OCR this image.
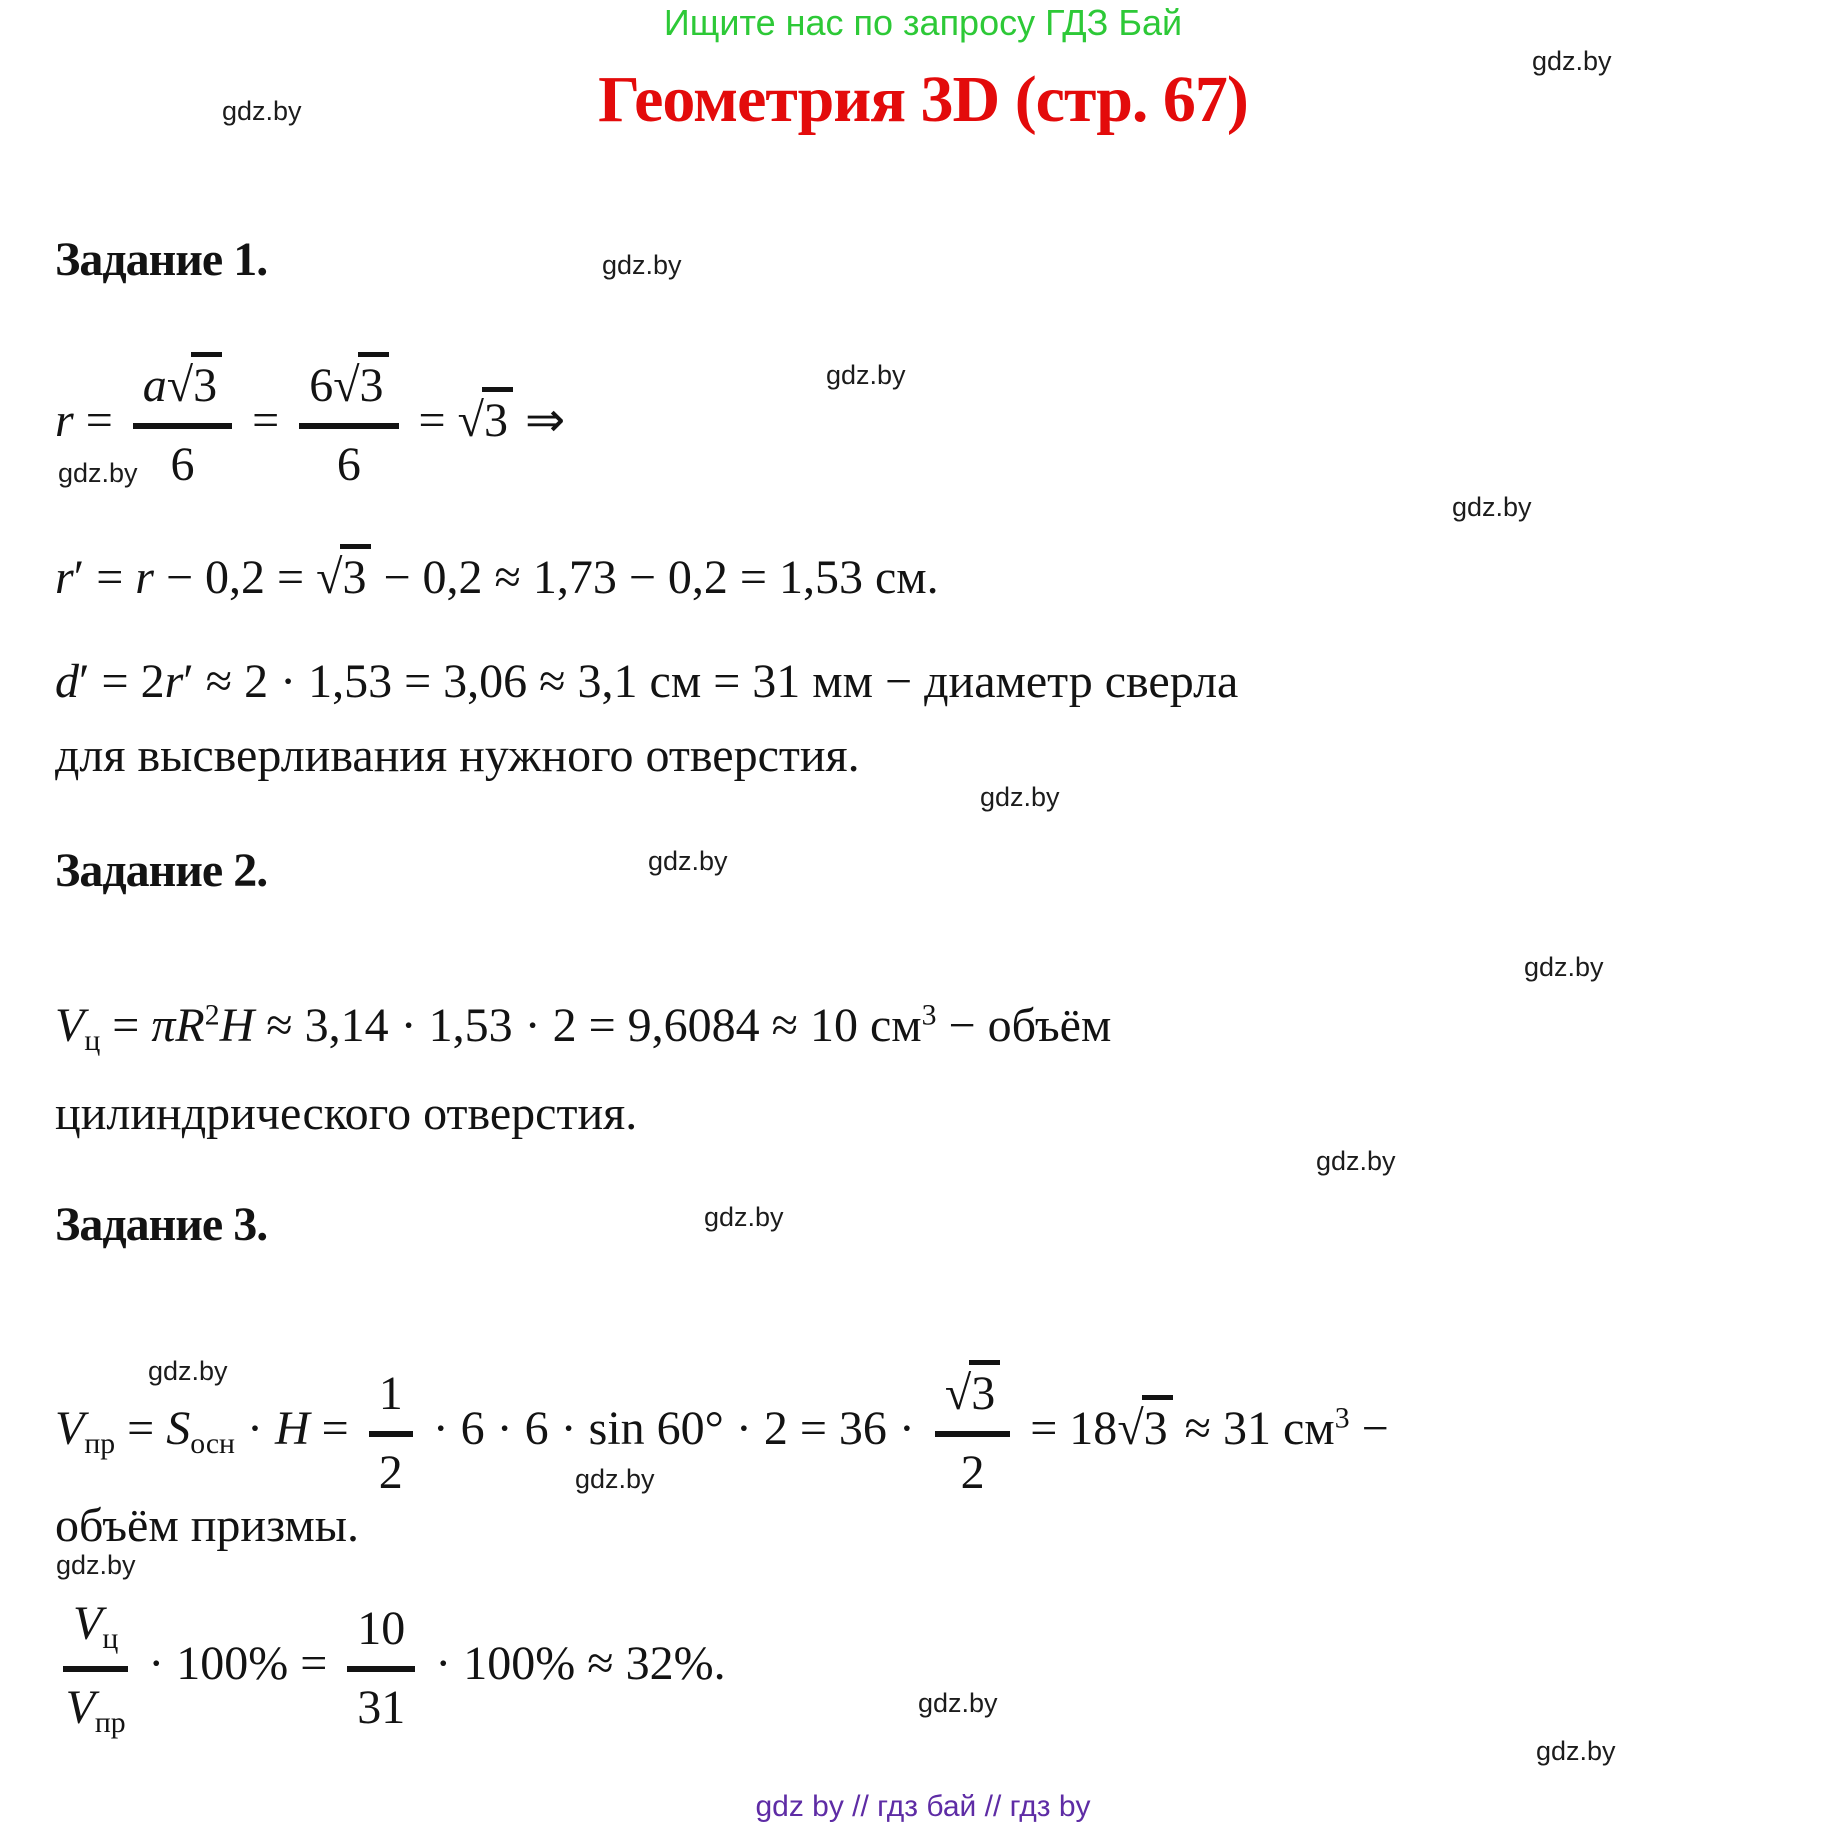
Ищите нас по запросу ГДЗ Бай
Геометрия 3D (стр. 67)
Задание 1.
r =
a√3
6
=
6√3
6
= √3 ⇒
r′ = r − 0,2 = √3 − 0,2 ≈ 1,73 − 0,2 = 1,53 см.
d′ = 2r′ ≈ 2 · 1,53 = 3,06 ≈ 3,1 см = 31 мм − диаметр сверла
для высверливания нужного отверстия.
Задание 2.
Vц = $\pi R^2H \approx 3,14 \cdot 1,53 \cdot 2 = 9,6084 \approx 10$ $см^3$ − объём
цилиндрического отверстия.
Задание 3.
Vпр = Sосн · H =
1
2
· 6 · 6 · sin 60° · 2 = 36 ·
√3
2
= 18√3 ≈ 31 $см^3$ −
объём призмы.
Vц
Vпр
· 100% =
10
31
· 100% ≈ 32%.
gdz.by
gdz.by
gdz.by
gdz.by
gdz.by
gdz.by
gdz.by
gdz.by
gdz.by
gdz.by
gdz.by
gdz.by
gdz.by
gdz.by
gdz.by
gdz.by
gdz by // гдз бай // гдз by
